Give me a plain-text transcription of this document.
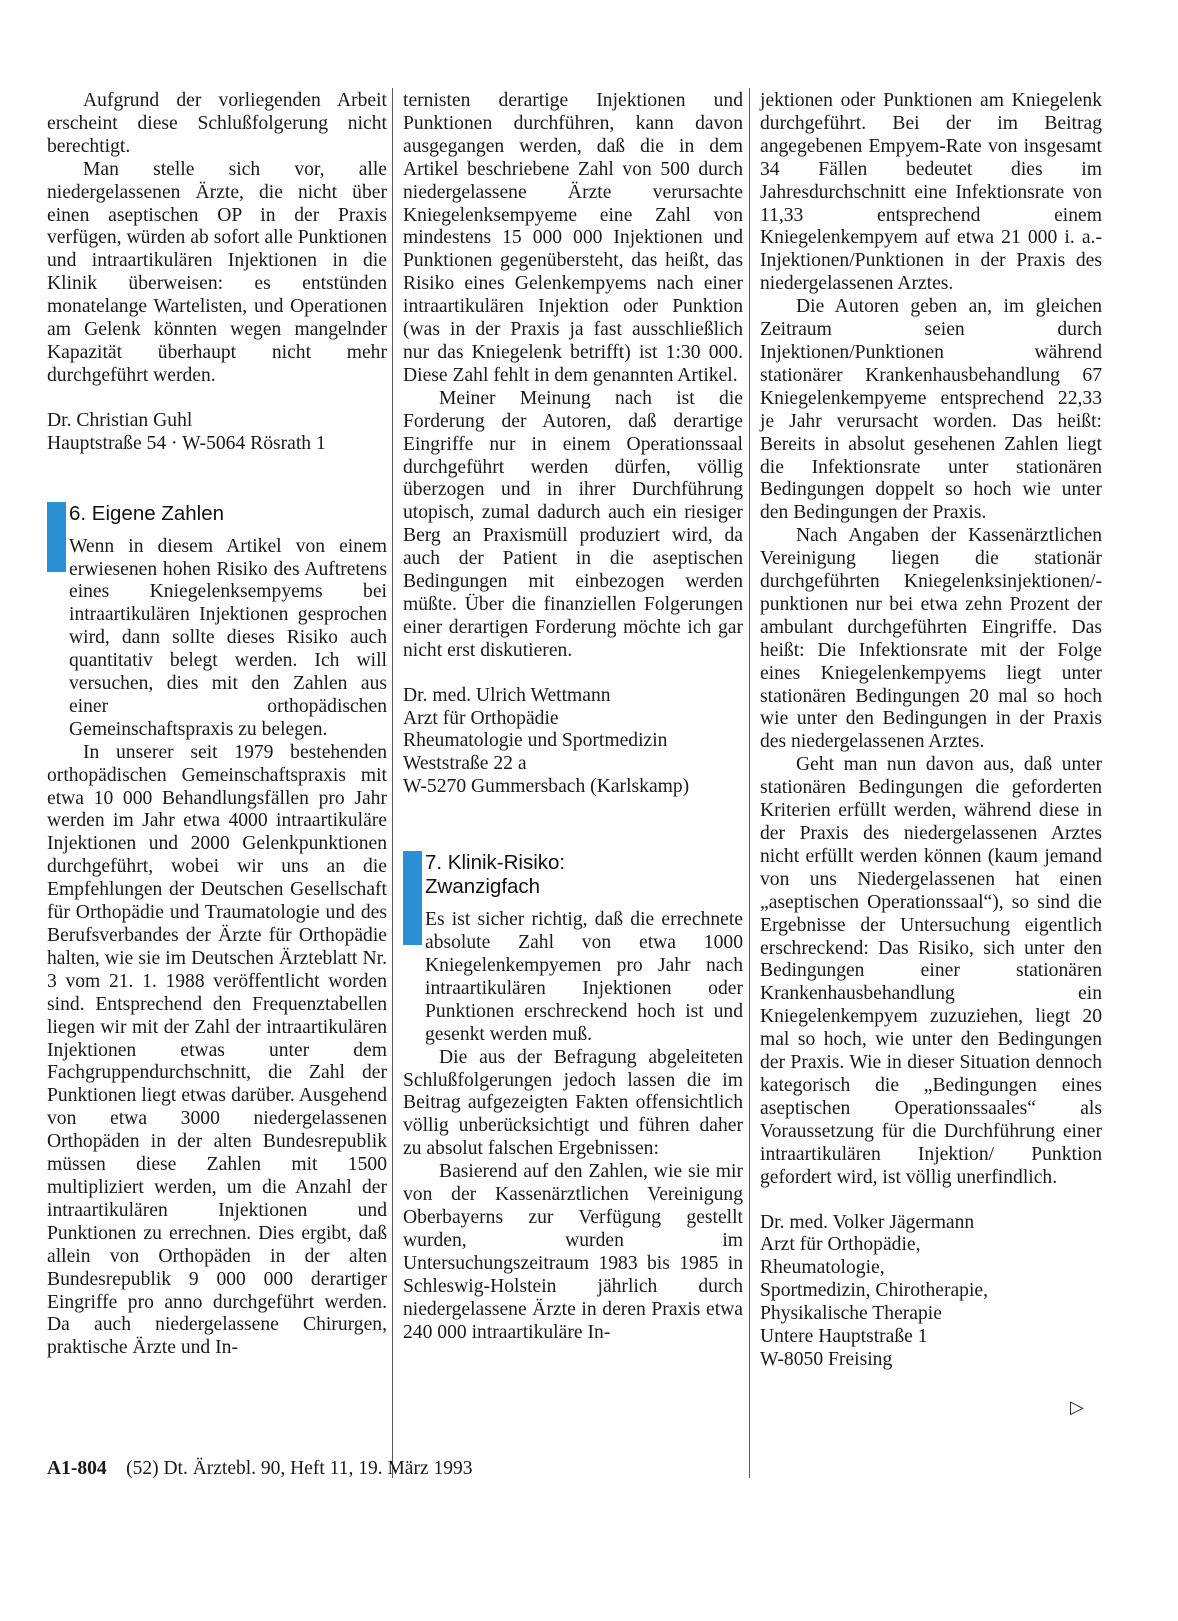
Aufgrund der vorliegenden Arbeit erscheint diese Schlußfolgerung nicht berechtigt.

Man stelle sich vor, alle niedergelassenen Ärzte, die nicht über einen aseptischen OP in der Praxis verfügen, würden ab sofort alle Punktionen und intraartikulären Injektionen in die Klinik überweisen: es entstünden monatelange Wartelisten, und Operationen am Gelenk könnten wegen mangelnder Kapazität überhaupt nicht mehr durchgeführt werden.

Dr. Christian Guhl
Hauptstraße 54 · W-5064 Rösrath 1
6. Eigene Zahlen

Wenn in diesem Artikel von einem erwiesenen hohen Risiko des Auftretens eines Kniegelenksempyems bei intraartikulären Injektionen gesprochen wird, dann sollte dieses Risiko auch quantitativ belegt werden. Ich will versuchen, dies mit den Zahlen aus einer orthopädischen Gemeinschaftspraxis zu belegen.

In unserer seit 1979 bestehenden orthopädischen Gemeinschaftspraxis mit etwa 10 000 Behandlungsfällen pro Jahr werden im Jahr etwa 4000 intraartikuläre Injektionen und 2000 Gelenkpunktionen durchgeführt, wobei wir uns an die Empfehlungen der Deutschen Gesellschaft für Orthopädie und Traumatologie und des Berufsverbandes der Ärzte für Orthopädie halten, wie sie im Deutschen Ärzteblatt Nr. 3 vom 21. 1. 1988 veröffentlicht worden sind. Entsprechend den Frequenztabellen liegen wir mit der Zahl der intraartikulären Injektionen etwas unter dem Fachgruppendurchschnitt, die Zahl der Punktionen liegt etwas darüber. Ausgehend von etwa 3000 niedergelassenen Orthopäden in der alten Bundesrepublik müssen diese Zahlen mit 1500 multipliziert werden, um die Anzahl der intraartikulären Injektionen und Punktionen zu errechnen. Dies ergibt, daß allein von Orthopäden in der alten Bundesrepublik 9 000 000 derartiger Eingriffe pro anno durchgeführt werden. Da auch niedergelassene Chirurgen, praktische Ärzte und In-

ternisten derartige Injektionen und Punktionen durchführen, kann davon ausgegangen werden, daß die in dem Artikel beschriebene Zahl von 500 durch niedergelassene Ärzte verursachte Kniegelenksempyeme eine Zahl von mindestens 15 000 000 Injektionen und Punktionen gegenübersteht, das heißt, das Risiko eines Gelenkempyems nach einer intraartikulären Injektion oder Punktion (was in der Praxis ja fast ausschließlich nur das Kniegelenk betrifft) ist 1:30 000. Diese Zahl fehlt in dem genannten Artikel.

Meiner Meinung nach ist die Forderung der Autoren, daß derartige Eingriffe nur in einem Operationssaal durchgeführt werden dürfen, völlig überzogen und in ihrer Durchführung utopisch, zumal dadurch auch ein riesiger Berg an Praxismüll produziert wird, da auch der Patient in die aseptischen Bedingungen mit einbezogen werden müßte. Über die finanziellen Folgerungen einer derartigen Forderung möchte ich gar nicht erst diskutieren.

Dr. med. Ulrich Wettmann
Arzt für Orthopädie
Rheumatologie und Sportmedizin
Weststraße 22 a
W-5270 Gummersbach (Karlskamp)
7. Klinik-Risiko:
Zwanzigfach

Es ist sicher richtig, daß die errechnete absolute Zahl von etwa 1000 Kniegelenkempyemen pro Jahr nach intraartikulären Injektionen oder Punktionen erschreckend hoch ist und gesenkt werden muß.

Die aus der Befragung abgeleiteten Schlußfolgerungen jedoch lassen die im Beitrag aufgezeigten Fakten offensichtlich völlig unberücksichtigt und führen daher zu absolut falschen Ergebnissen:

Basierend auf den Zahlen, wie sie mir von der Kassenärztlichen Vereinigung Oberbayerns zur Verfügung gestellt wurden, wurden im Untersuchungszeitraum 1983 bis 1985 in Schleswig-Holstein jährlich durch niedergelassene Ärzte in deren Praxis etwa 240 000 intraartikuläre In-

jektionen oder Punktionen am Kniegelenk durchgeführt. Bei der im Beitrag angegebenen Empyem-Rate von insgesamt 34 Fällen bedeutet dies im Jahresdurchschnitt eine Infektionsrate von 11,33 entsprechend einem Kniegelenkempyem auf etwa 21 000 i. a.-Injektionen/Punktionen in der Praxis des niedergelassenen Arztes.

Die Autoren geben an, im gleichen Zeitraum seien durch Injektionen/Punktionen während stationärer Krankenhausbehandlung 67 Kniegelenkempyeme entsprechend 22,33 je Jahr verursacht worden. Das heißt: Bereits in absolut gesehenen Zahlen liegt die Infektionsrate unter stationären Bedingungen doppelt so hoch wie unter den Bedingungen der Praxis.

Nach Angaben der Kassenärztlichen Vereinigung liegen die stationär durchgeführten Kniegelenksinjektionen/-punktionen nur bei etwa zehn Prozent der ambulant durchgeführten Eingriffe. Das heißt: Die Infektionsrate mit der Folge eines Kniegelenkempyems liegt unter stationären Bedingungen 20 mal so hoch wie unter den Bedingungen in der Praxis des niedergelassenen Arztes.

Geht man nun davon aus, daß unter stationären Bedingungen die geforderten Kriterien erfüllt werden, während diese in der Praxis des niedergelassenen Arztes nicht erfüllt werden können (kaum jemand von uns Niedergelassenen hat einen „aseptischen Operationssaal“), so sind die Ergebnisse der Untersuchung eigentlich erschreckend: Das Risiko, sich unter den Bedingungen einer stationären Krankenhausbehandlung ein Kniegelenkempyem zuzuziehen, liegt 20 mal so hoch, wie unter den Bedingungen der Praxis. Wie in dieser Situation dennoch kategorisch die „Bedingungen eines aseptischen Operationssaales“ als Voraussetzung für die Durchführung einer intraartikulären Injektion/ Punktion gefordert wird, ist völlig unerfindlich.

Dr. med. Volker Jägermann
Arzt für Orthopädie,
Rheumatologie,
Sportmedizin, Chirotherapie,
Physikalische Therapie
Untere Hauptstraße 1
W-8050 Freising
▷
A1-804 (52) Dt. Ärztebl. 90, Heft 11, 19. März 1993
